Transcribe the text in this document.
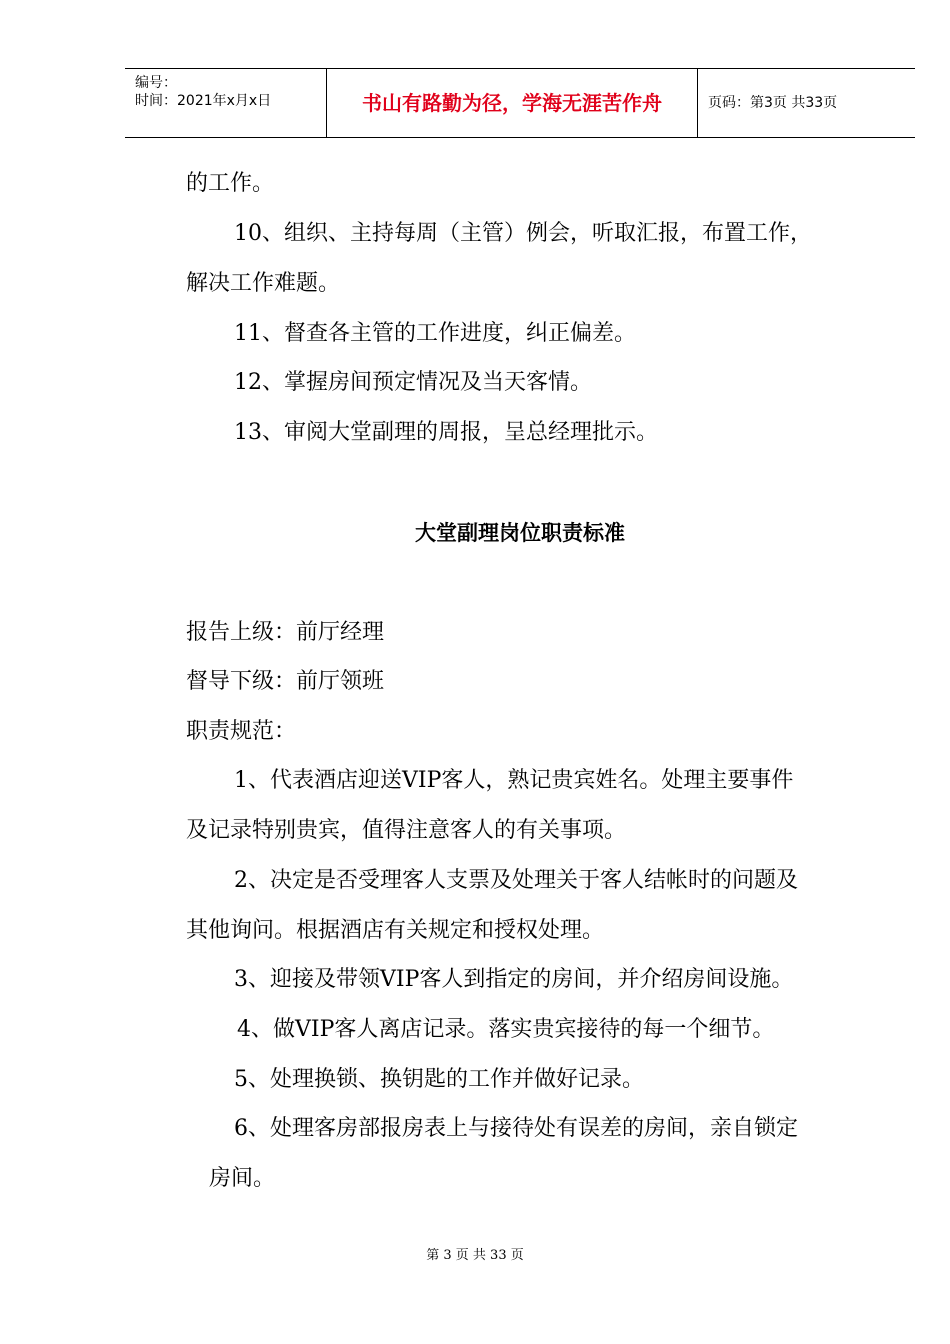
编号：
时间：2021年x月x日	书山有路勤为径，学海无涯苦作舟	页码：第3页 共33页
的工作。
10、组织、主持每周（主管）例会，听取汇报，布置工作，
解决工作难题。
11、督查各主管的工作进度，纠正偏差。
12、掌握房间预定情况及当天客情。
13、审阅大堂副理的周报，呈总经理批示。
大堂副理岗位职责标准
报告上级：前厅经理
督导下级：前厅领班
职责规范：
1、代表酒店迎送VIP客人，熟记贵宾姓名。处理主要事件
及记录特别贵宾，值得注意客人的有关事项。
2、决定是否受理客人支票及处理关于客人结帐时的问题及
其他询问。根据酒店有关规定和授权处理。
3、迎接及带领VIP客人到指定的房间，并介绍房间设施。
4、做VIP客人离店记录。落实贵宾接待的每一个细节。
5、处理换锁、换钥匙的工作并做好记录。
6、处理客房部报房表上与接待处有误差的房间，亲自锁定
房间。
第 3 页 共 33 页
